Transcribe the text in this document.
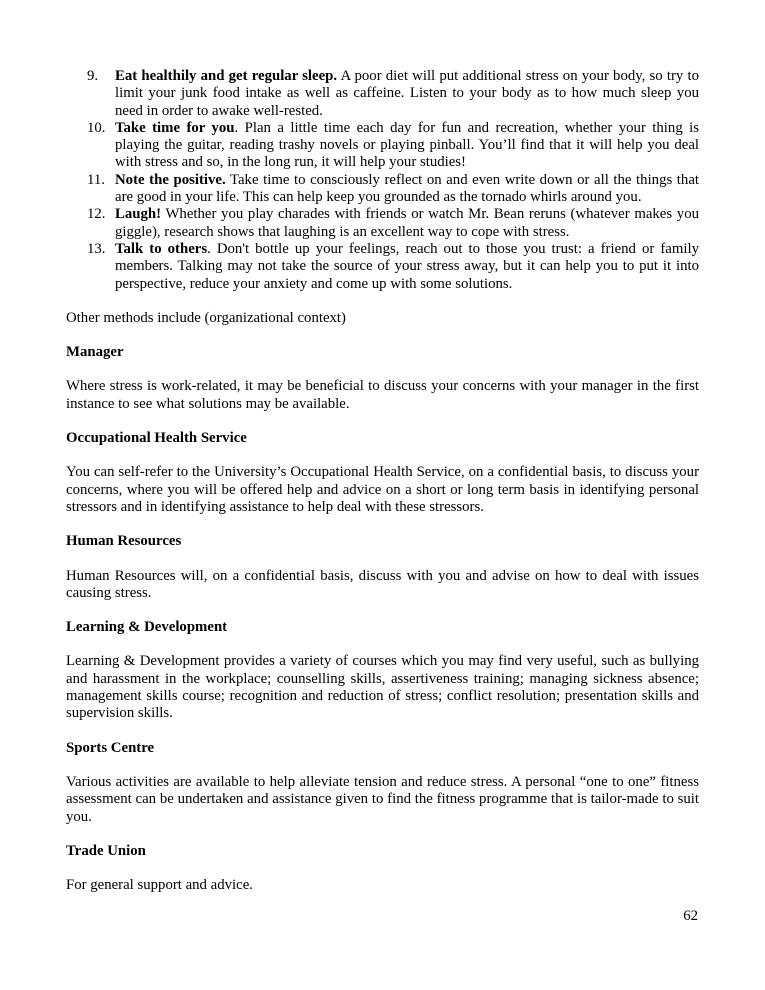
9.	Eat healthily and get regular sleep. A poor diet will put additional stress on your body, so try to limit your junk food intake as well as caffeine. Listen to your body as to how much sleep you need in order to awake well-rested.
10. Take time for you. Plan a little time each day for fun and recreation, whether your thing is playing the guitar, reading trashy novels or playing pinball. You’ll find that it will help you deal with stress and so, in the long run, it will help your studies!
11. Note the positive. Take time to consciously reflect on and even write down or all the things that are good in your life. This can help keep you grounded as the tornado whirls around you.
12. Laugh! Whether you play charades with friends or watch Mr. Bean reruns (whatever makes you giggle), research shows that laughing is an excellent way to cope with stress.
13. Talk to others. Don't bottle up your feelings, reach out to those you trust: a friend or family members. Talking may not take the source of your stress away, but it can help you to put it into perspective, reduce your anxiety and come up with some solutions.

Other methods include (organizational context)

Manager

Where stress is work-related, it may be beneficial to discuss your concerns with your manager in the first instance to see what solutions may be available.

Occupational Health Service

You can self-refer to the University’s Occupational Health Service, on a confidential basis, to discuss your concerns, where you will be offered help and advice on a short or long term basis in identifying personal stressors and in identifying assistance to help deal with these stressors.

Human Resources

Human Resources will, on a confidential basis, discuss with you and advise on how to deal with issues causing stress.

Learning & Development

Learning & Development provides a variety of courses which you may find very useful, such as bullying and harassment in the workplace; counselling skills, assertiveness training; managing sickness absence; management skills course; recognition and reduction of stress; conflict resolution; presentation skills and supervision skills.

Sports Centre

Various activities are available to help alleviate tension and reduce stress. A personal “one to one” fitness assessment can be undertaken and assistance given to find the fitness programme that is tailor-made to suit you.

Trade Union

For general support and advice.

62
